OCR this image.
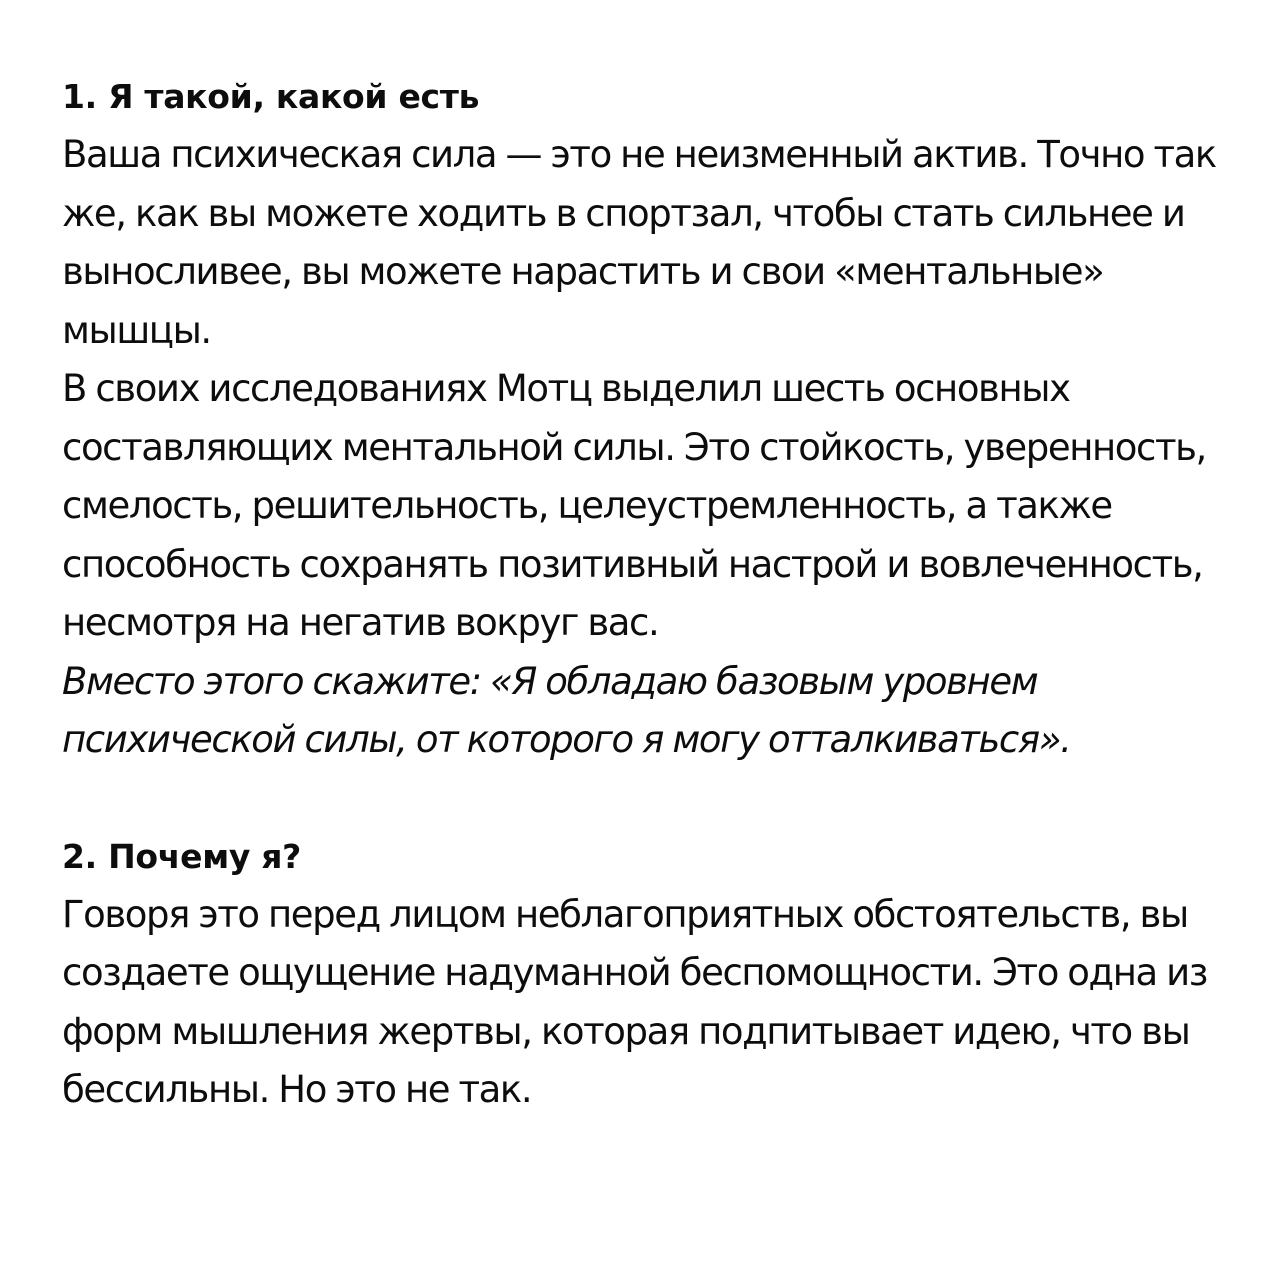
1. Я такой, какой есть

Ваша психическая сила — это не неизменный актив. Точно так же, как вы можете ходить в спортзал, чтобы стать сильнее и выносливее, вы можете нарастить и свои «ментальные» мышцы.

В своих исследованиях Мотц выделил шесть основных составляющих ментальной силы. Это стойкость, уверенность, смелость, решительность, целеустремленность, а также способность сохранять позитивный настрой и вовлеченность, несмотря на негатив вокруг вас.

Вместо этого скажите: «Я обладаю базовым уровнем психической силы, от которого я могу отталкиваться».

2. Почему я?

Говоря это перед лицом неблагоприятных обстоятельств, вы создаете ощущение надуманной беспомощности. Это одна из форм мышления жертвы, которая подпитывает идею, что вы бессильны. Но это не так.
